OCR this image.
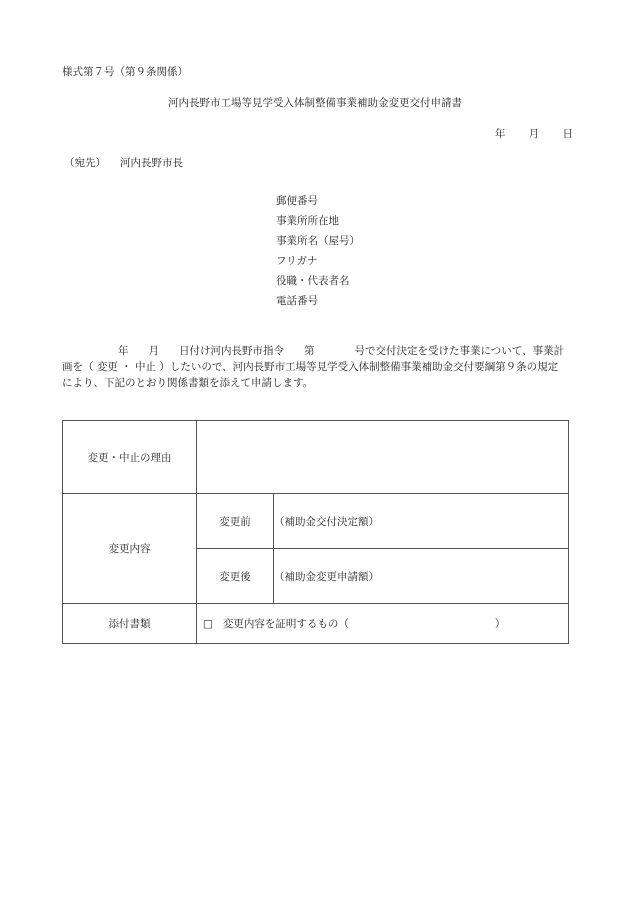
様式第７号（第９条関係）
河内長野市工場等見学受入体制整備事業補助金変更交付申請書
年 月 日
（宛先） 河内長野市長
郵便番号
事業所所在地
事業所名（屋号）
フリガナ
役職・代表者名
電話番号
年 月 日付け河内長野市指令 第	号で交付決定を受けた事業について、事業計画を（ 変更 ・ 中止 ）したいので、河内長野市工場等見学受入体制整備事業補助金交付要綱第９条の規定により、下記のとおり関係書類を添えて申請します。
変更・中止の理由		
変更内容	変更前	（補助金交付決定額）
	変更後	（補助金変更申請額）
添付書類	□ 変更内容を証明するもの（ ）	
